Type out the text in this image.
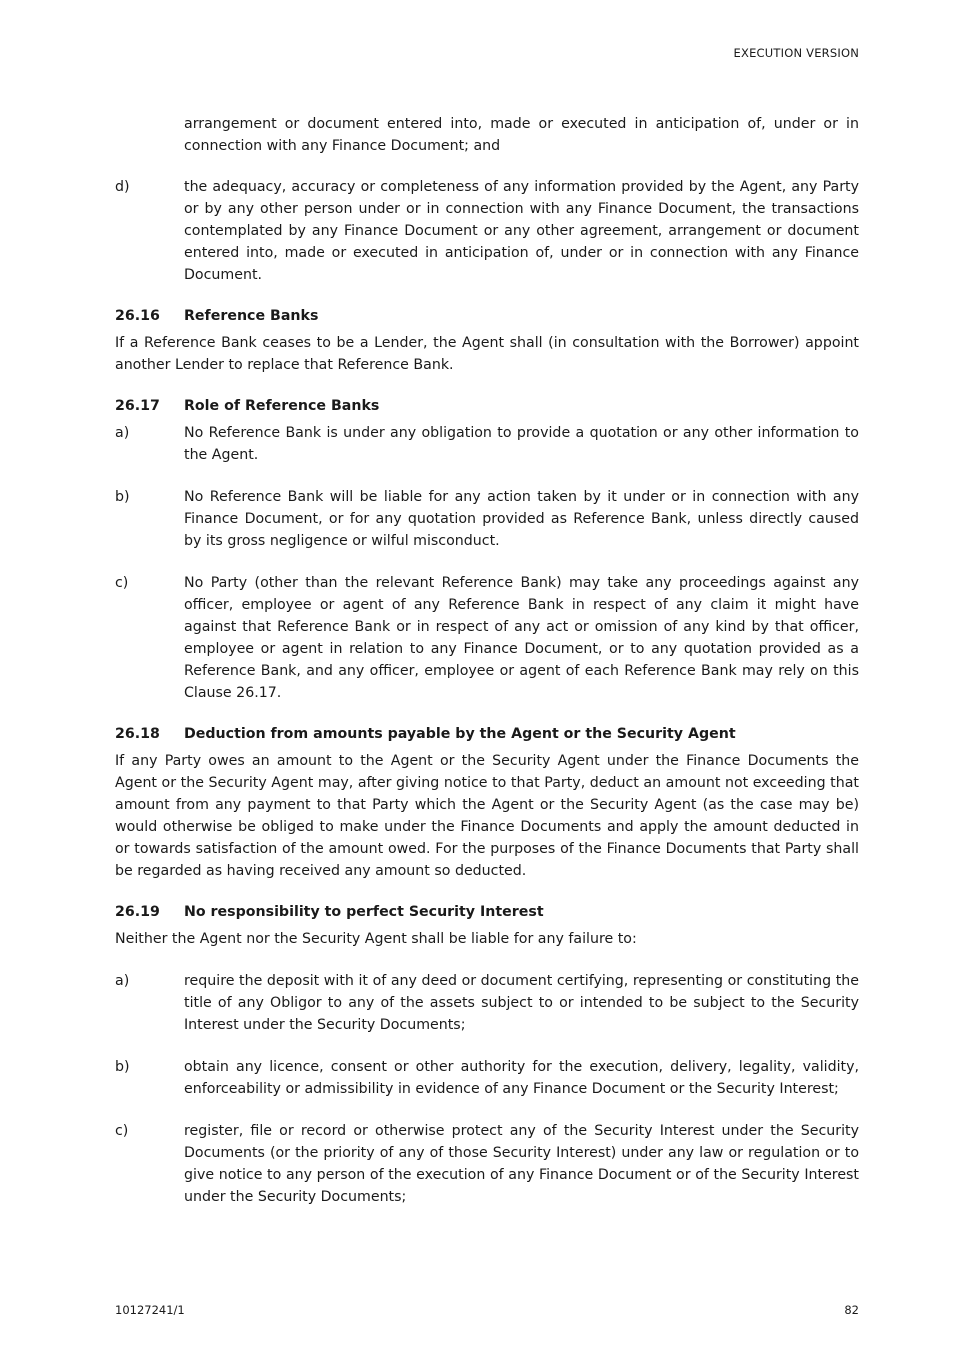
EXECUTION VERSION

arrangement or document entered into, made or executed in anticipation of, under or in connection with any Finance Document; and

d)	the adequacy, accuracy or completeness of any information provided by the Agent, any Party or by any other person under or in connection with any Finance Document, the transactions contemplated by any Finance Document or any other agreement, arrangement or document entered into, made or executed in anticipation of, under or in connection with any Finance Document.
26.16	Reference Banks

If a Reference Bank ceases to be a Lender, the Agent shall (in consultation with the Borrower) appoint another Lender to replace that Reference Bank.

26.17	Role of Reference Banks
a)	No Reference Bank is under any obligation to provide a quotation or any other information to the Agent.
b)	No Reference Bank will be liable for any action taken by it under or in connection with any Finance Document, or for any quotation provided as Reference Bank, unless directly caused by its gross negligence or wilful misconduct.
c)	No Party (other than the relevant Reference Bank) may take any proceedings against any officer, employee or agent of any Reference Bank in respect of any claim it might have against that Reference Bank or in respect of any act or omission of any kind by that officer, employee or agent in relation to any Finance Document, or to any quotation provided as a Reference Bank, and any officer, employee or agent of each Reference Bank may rely on this Clause 26.17.
26.18	Deduction from amounts payable by the Agent or the Security Agent

If any Party owes an amount to the Agent or the Security Agent under the Finance Documents the Agent or the Security Agent may, after giving notice to that Party, deduct an amount not exceeding that amount from any payment to that Party which the Agent or the Security Agent (as the case may be) would otherwise be obliged to make under the Finance Documents and apply the amount deducted in or towards satisfaction of the amount owed. For the purposes of the Finance Documents that Party shall be regarded as having received any amount so deducted.

26.19	No responsibility to perfect Security Interest

Neither the Agent nor the Security Agent shall be liable for any failure to:

a)	require the deposit with it of any deed or document certifying, representing or constituting the title of any Obligor to any of the assets subject to or intended to be subject to the Security Interest under the Security Documents;
b)	obtain any licence, consent or other authority for the execution, delivery, legality, validity, enforceability or admissibility in evidence of any Finance Document or the Security Interest;
c)	register, file or record or otherwise protect any of the Security Interest under the Security Documents (or the priority of any of those Security Interest) under any law or regulation or to give notice to any person of the execution of any Finance Document or of the Security Interest under the Security Documents;
10127241/1	82
